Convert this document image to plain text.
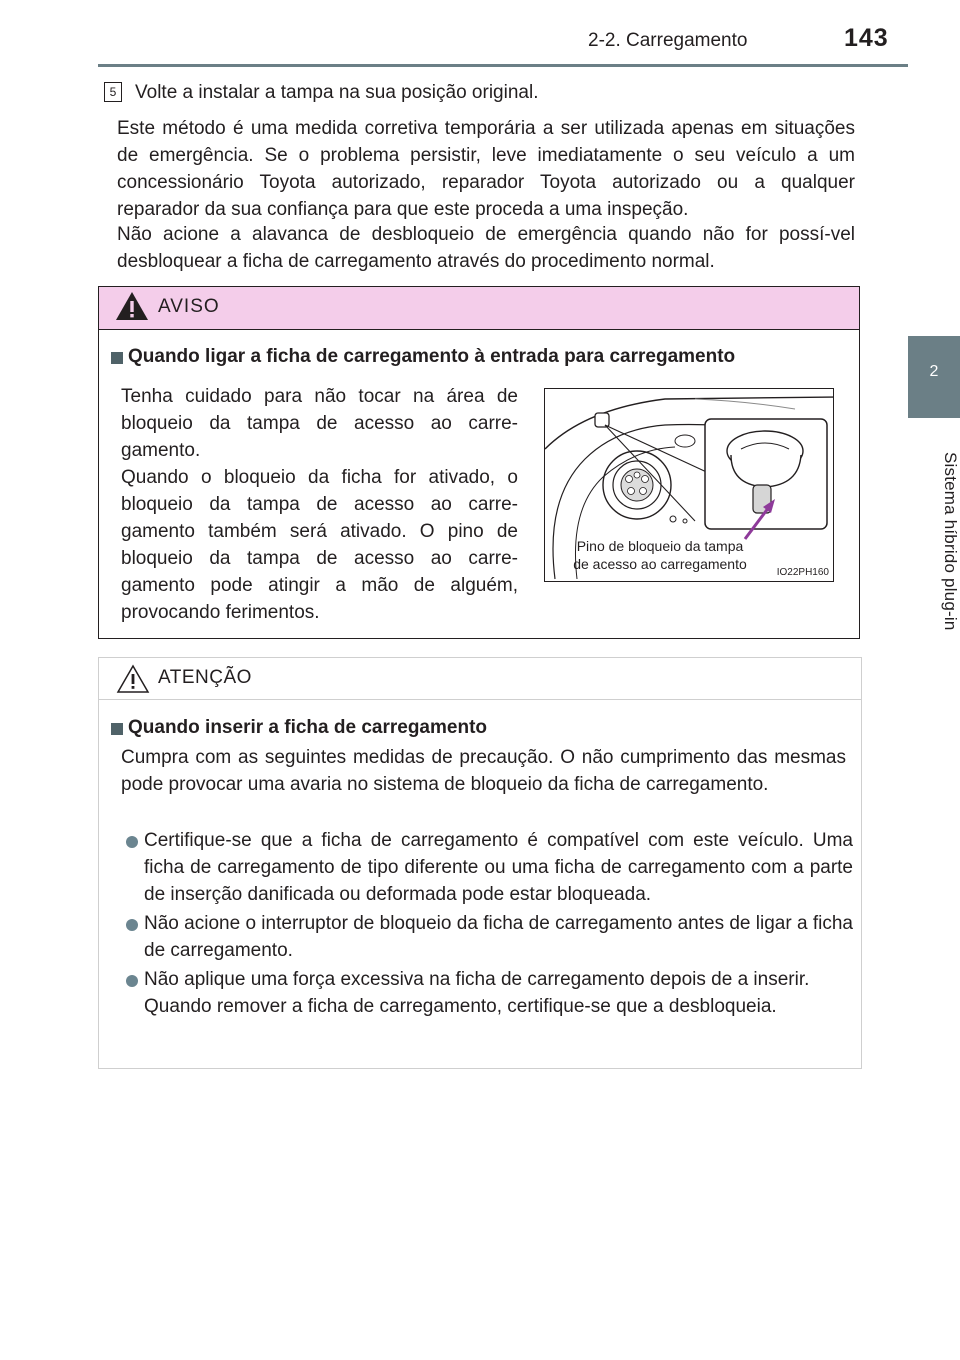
2-2. Carregamento	143
2
Sistema híbrido plug-in
5 Volte a instalar a tampa na sua posição original.

Este método é uma medida corretiva temporária a ser utilizada apenas em situações de emergência. Se o problema persistir, leve imediatamente o seu veículo a um concessionário Toyota autorizado, reparador Toyota autorizado ou a qualquer reparador da sua confiança para que este proceda a uma inspeção.

Não acione a alavanca de desbloqueio de emergência quando não for possí-vel desbloquear a ficha de carregamento através do procedimento normal.

AVISO
Quando ligar a ficha de carregamento à entrada para carregamento

Tenha cuidado para não tocar na área de bloqueio da tampa de acesso ao carre-gamento.

Quando o bloqueio da ficha for ativado, o bloqueio da tampa de acesso ao carre-gamento também será ativado. O pino de bloqueio da tampa de acesso ao carre-gamento pode atingir a mão de alguém, provocando ferimentos.

Pino de bloqueio da tampa
de acesso ao carregamento
IO22PH160
ATENÇÃO
Quando inserir a ficha de carregamento

Cumpra com as seguintes medidas de precaução. O não cumprimento das mesmas pode provocar uma avaria no sistema de bloqueio da ficha de carregamento.

Certifique-se que a ficha de carregamento é compatível com este veículo. Uma ficha de carregamento de tipo diferente ou uma ficha de carregamento com a parte de inserção danificada ou deformada pode estar bloqueada.

Não acione o interruptor de bloqueio da ficha de carregamento antes de ligar a ficha de carregamento.

Não aplique uma força excessiva na ficha de carregamento depois de a inserir.
Quando remover a ficha de carregamento, certifique-se que a desbloqueia.
